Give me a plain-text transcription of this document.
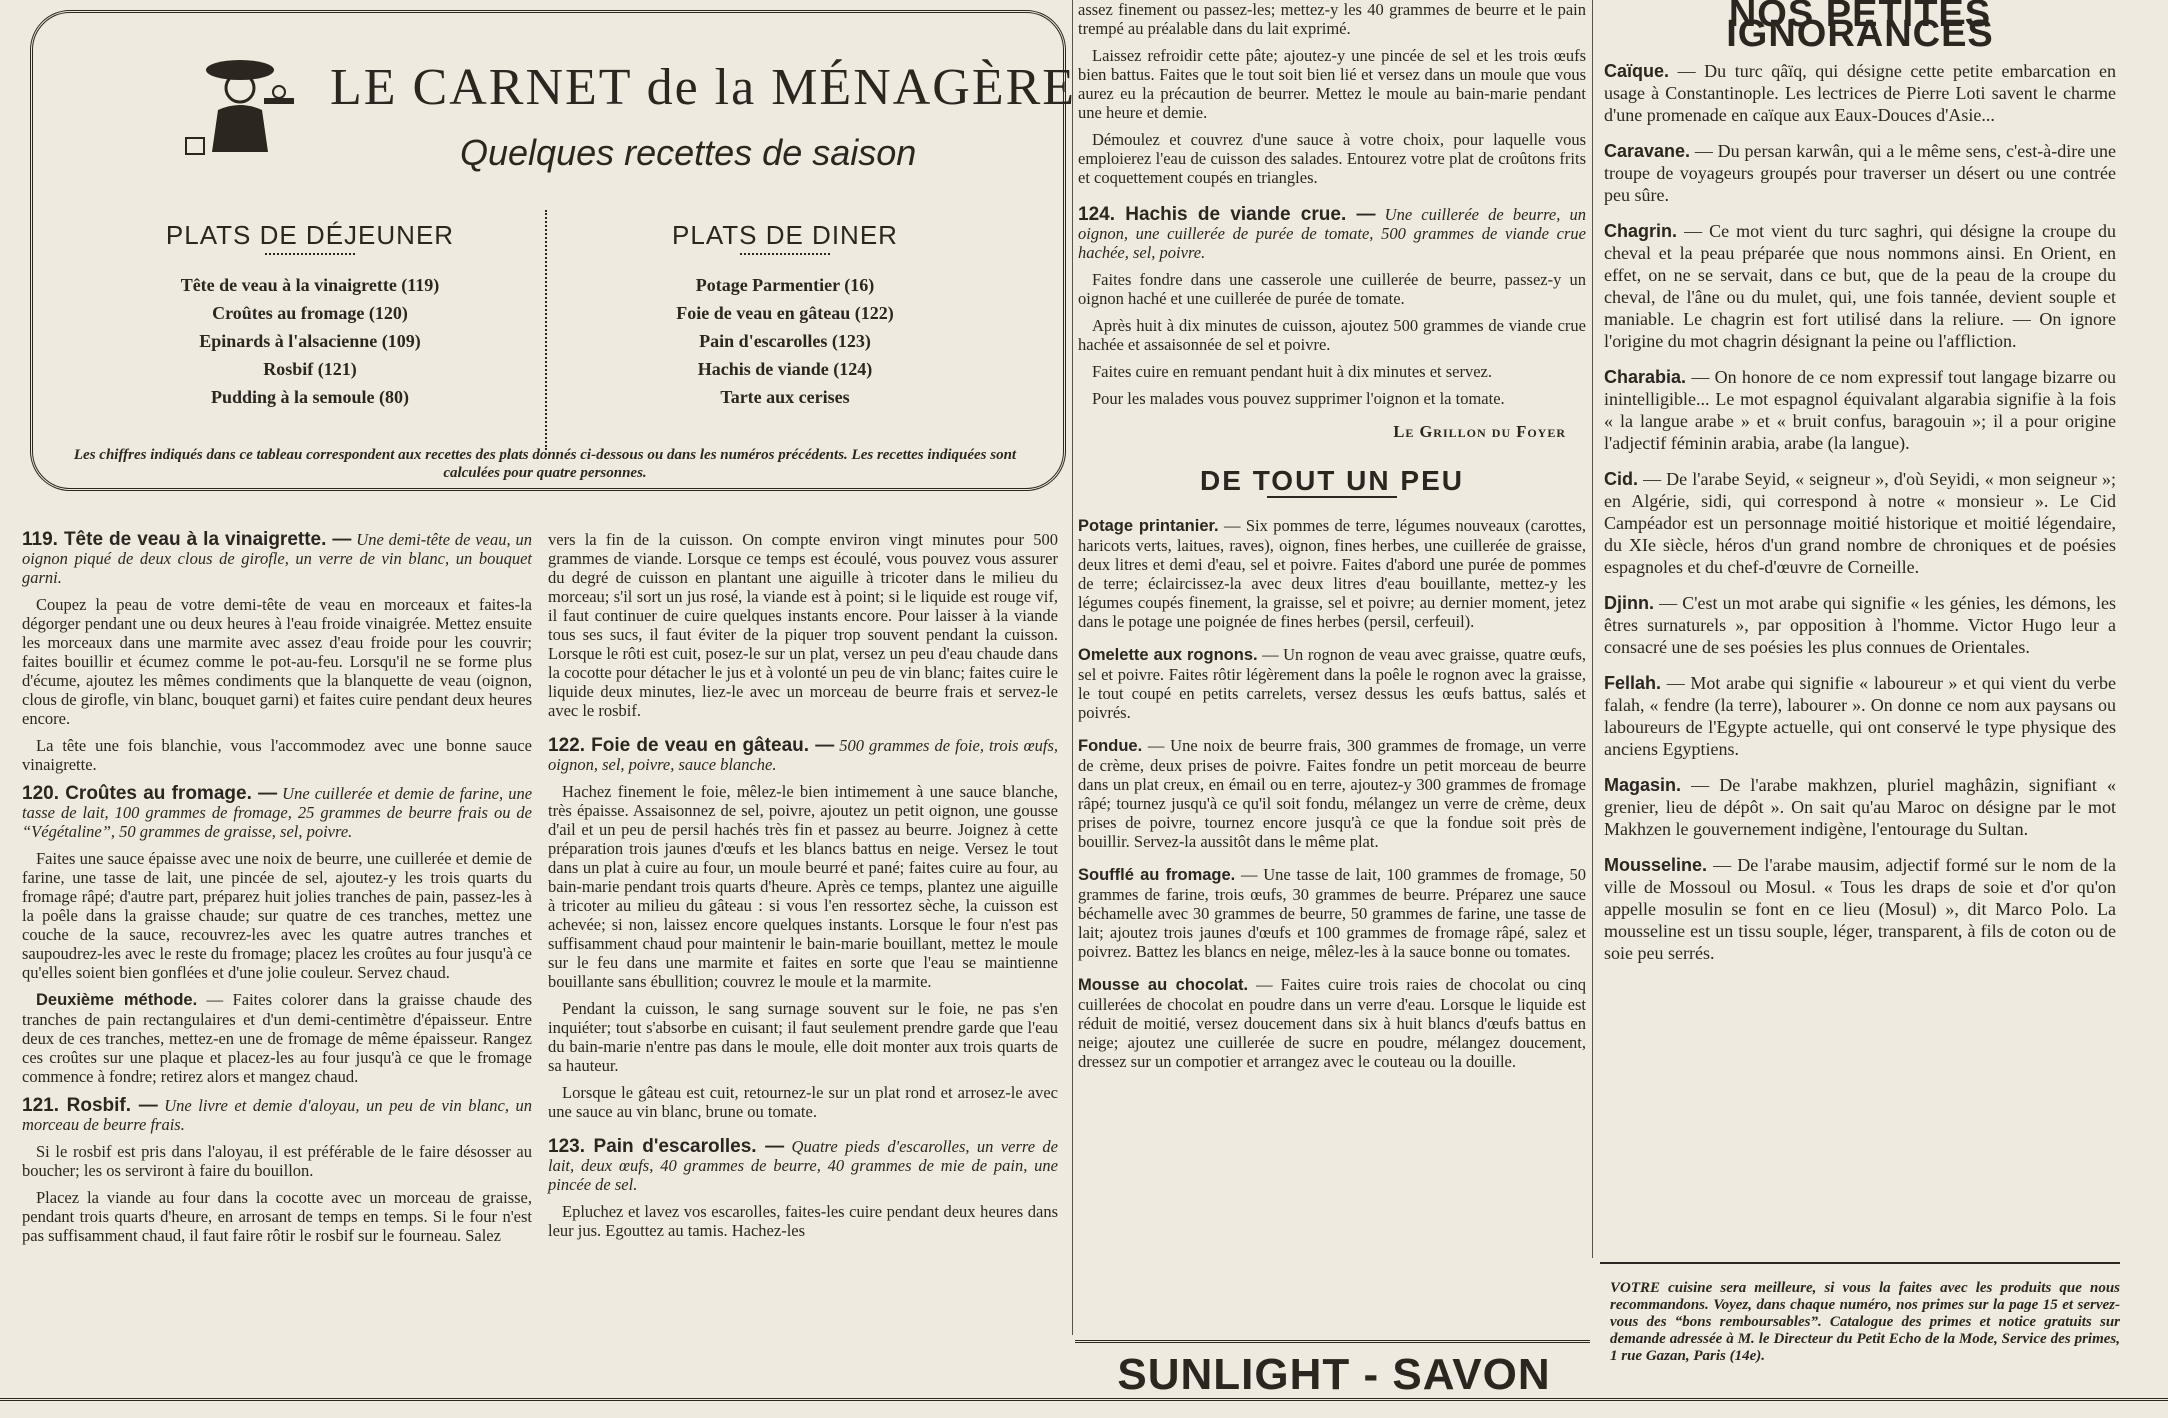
LE CARNET de la MÉNAGÈRE
Quelques recettes de saison
PLATS DE DÉJEUNER
Tête de veau à la vinaigrette (119)
Croûtes au fromage (120)
Epinards à l'alsacienne (109)
Rosbif (121)
Pudding à la semoule (80)
PLATS DE DINER
Potage Parmentier (16)
Foie de veau en gâteau (122)
Pain d'escarolles (123)
Hachis de viande (124)
Tarte aux cerises
Les chiffres indiqués dans ce tableau correspondent aux recettes des plats donnés ci-dessous ou dans les numéros précédents. Les recettes indiquées sont calculées pour quatre personnes.

119. Tête de veau à la vinaigrette. — Une demi-tête de veau, un oignon piqué de deux clous de girofle, un verre de vin blanc, un bouquet garni.

Coupez la peau de votre demi-tête de veau en morceaux et faites-la dégorger pendant une ou deux heures à l'eau froide vinaigrée. Mettez ensuite les morceaux dans une marmite avec assez d'eau froide pour les couvrir; faites bouillir et écumez comme le pot-au-feu. Lorsqu'il ne se forme plus d'écume, ajoutez les mêmes condiments que la blanquette de veau (oignon, clous de girofle, vin blanc, bouquet garni) et faites cuire pendant deux heures encore.

La tête une fois blanchie, vous l'accommodez avec une bonne sauce vinaigrette.

120. Croûtes au fromage. — Une cuillerée et demie de farine, une tasse de lait, 100 grammes de fromage, 25 grammes de beurre frais ou de “Végétaline”, 50 grammes de graisse, sel, poivre.

Faites une sauce épaisse avec une noix de beurre, une cuillerée et demie de farine, une tasse de lait, une pincée de sel, ajoutez-y les trois quarts du fromage râpé; d'autre part, préparez huit jolies tranches de pain, passez-les à la poêle dans la graisse chaude; sur quatre de ces tranches, mettez une couche de la sauce, recouvrez-les avec les quatre autres tranches et saupoudrez-les avec le reste du fromage; placez les croûtes au four jusqu'à ce qu'elles soient bien gonflées et d'une jolie couleur. Servez chaud.

Deuxième méthode. — Faites colorer dans la graisse chaude des tranches de pain rectangulaires et d'un demi-centimètre d'épaisseur. Entre deux de ces tranches, mettez-en une de fromage de même épaisseur. Rangez ces croûtes sur une plaque et placez-les au four jusqu'à ce que le fromage commence à fondre; retirez alors et mangez chaud.

121. Rosbif. — Une livre et demie d'aloyau, un peu de vin blanc, un morceau de beurre frais.

Si le rosbif est pris dans l'aloyau, il est préférable de le faire désosser au boucher; les os serviront à faire du bouillon.

Placez la viande au four dans la cocotte avec un morceau de graisse, pendant trois quarts d'heure, en arrosant de temps en temps. Si le four n'est pas suffisamment chaud, il faut faire rôtir le rosbif sur le fourneau. Salez

vers la fin de la cuisson. On compte environ vingt minutes pour 500 grammes de viande. Lorsque ce temps est écoulé, vous pouvez vous assurer du degré de cuisson en plantant une aiguille à tricoter dans le milieu du morceau; s'il sort un jus rosé, la viande est à point; si le liquide est rouge vif, il faut continuer de cuire quelques instants encore. Pour laisser à la viande tous ses sucs, il faut éviter de la piquer trop souvent pendant la cuisson. Lorsque le rôti est cuit, posez-le sur un plat, versez un peu d'eau chaude dans la cocotte pour détacher le jus et à volonté un peu de vin blanc; faites cuire le liquide deux minutes, liez-le avec un morceau de beurre frais et servez-le avec le rosbif.

122. Foie de veau en gâteau. — 500 grammes de foie, trois œufs, oignon, sel, poivre, sauce blanche.

Hachez finement le foie, mêlez-le bien intimement à une sauce blanche, très épaisse. Assaisonnez de sel, poivre, ajoutez un petit oignon, une gousse d'ail et un peu de persil hachés très fin et passez au beurre. Joignez à cette préparation trois jaunes d'œufs et les blancs battus en neige. Versez le tout dans un plat à cuire au four, un moule beurré et pané; faites cuire au four, au bain-marie pendant trois quarts d'heure. Après ce temps, plantez une aiguille à tricoter au milieu du gâteau : si vous l'en ressortez sèche, la cuisson est achevée; si non, laissez encore quelques instants. Lorsque le four n'est pas suffisamment chaud pour maintenir le bain-marie bouillant, mettez le moule sur le feu dans une marmite et faites en sorte que l'eau se maintienne bouillante sans ébullition; couvrez le moule et la marmite.

Pendant la cuisson, le sang surnage souvent sur le foie, ne pas s'en inquiéter; tout s'absorbe en cuisant; il faut seulement prendre garde que l'eau du bain-marie n'entre pas dans le moule, elle doit monter aux trois quarts de sa hauteur.

Lorsque le gâteau est cuit, retournez-le sur un plat rond et arrosez-le avec une sauce au vin blanc, brune ou tomate.

123. Pain d'escarolles. — Quatre pieds d'escarolles, un verre de lait, deux œufs, 40 grammes de beurre, 40 grammes de mie de pain, une pincée de sel.

Epluchez et lavez vos escarolles, faites-les cuire pendant deux heures dans leur jus. Egouttez au tamis. Hachez-les

assez finement ou passez-les; mettez-y les 40 grammes de beurre et le pain trempé au préalable dans du lait exprimé.

Laissez refroidir cette pâte; ajoutez-y une pincée de sel et les trois œufs bien battus. Faites que le tout soit bien lié et versez dans un moule que vous aurez eu la précaution de beurrer. Mettez le moule au bain-marie pendant une heure et demie.

Démoulez et couvrez d'une sauce à votre choix, pour laquelle vous emploierez l'eau de cuisson des salades. Entourez votre plat de croûtons frits et coquettement coupés en triangles.

124. Hachis de viande crue. — Une cuillerée de beurre, un oignon, une cuillerée de purée de tomate, 500 grammes de viande crue hachée, sel, poivre.

Faites fondre dans une casserole une cuillerée de beurre, passez-y un oignon haché et une cuillerée de purée de tomate.

Après huit à dix minutes de cuisson, ajoutez 500 grammes de viande crue hachée et assaisonnée de sel et poivre.

Faites cuire en remuant pendant huit à dix minutes et servez.

Pour les malades vous pouvez supprimer l'oignon et la tomate.

Le Grillon du Foyer
DE TOUT UN PEU

Potage printanier. — Six pommes de terre, légumes nouveaux (carottes, haricots verts, laitues, raves), oignon, fines herbes, une cuillerée de graisse, deux litres et demi d'eau, sel et poivre. Faites d'abord une purée de pommes de terre; éclaircissez-la avec deux litres d'eau bouillante, mettez-y les légumes coupés finement, la graisse, sel et poivre; au dernier moment, jetez dans le potage une poignée de fines herbes (persil, cerfeuil).

Omelette aux rognons. — Un rognon de veau avec graisse, quatre œufs, sel et poivre. Faites rôtir légèrement dans la poêle le rognon avec la graisse, le tout coupé en petits carrelets, versez dessus les œufs battus, salés et poivrés.

Fondue. — Une noix de beurre frais, 300 grammes de fromage, un verre de crème, deux prises de poivre. Faites fondre un petit morceau de beurre dans un plat creux, en émail ou en terre, ajoutez-y 300 grammes de fromage râpé; tournez jusqu'à ce qu'il soit fondu, mélangez un verre de crème, deux prises de poivre, tournez encore jusqu'à ce que la fondue soit près de bouillir. Servez-la aussitôt dans le même plat.

Soufflé au fromage. — Une tasse de lait, 100 grammes de fromage, 50 grammes de farine, trois œufs, 30 grammes de beurre. Préparez une sauce béchamelle avec 30 grammes de beurre, 50 grammes de farine, une tasse de lait; ajoutez trois jaunes d'œufs et 100 grammes de fromage râpé, salez et poivrez. Battez les blancs en neige, mêlez-les à la sauce bonne ou tomates.

Mousse au chocolat. — Faites cuire trois raies de chocolat ou cinq cuillerées de chocolat en poudre dans un verre d'eau. Lorsque le liquide est réduit de moitié, versez doucement dans six à huit blancs d'œufs battus en neige; ajoutez une cuillerée de sucre en poudre, mélangez doucement, dressez sur un compotier et arrangez avec le couteau ou la douille.

NOS PETITES IGNORANCES

Caïque. — Du turc qâïq, qui désigne cette petite embarcation en usage à Constantinople. Les lectrices de Pierre Loti savent le charme d'une promenade en caïque aux Eaux-Douces d'Asie...

Caravane. — Du persan karwân, qui a le même sens, c'est-à-dire une troupe de voyageurs groupés pour traverser un désert ou une contrée peu sûre.

Chagrin. — Ce mot vient du turc saghri, qui désigne la croupe du cheval et la peau préparée que nous nommons ainsi. En Orient, en effet, on ne se servait, dans ce but, que de la peau de la croupe du cheval, de l'âne ou du mulet, qui, une fois tannée, devient souple et maniable. Le chagrin est fort utilisé dans la reliure. — On ignore l'origine du mot chagrin désignant la peine ou l'affliction.

Charabia. — On honore de ce nom expressif tout langage bizarre ou inintelligible... Le mot espagnol équivalant algarabia signifie à la fois « la langue arabe » et « bruit confus, baragouin »; il a pour origine l'adjectif féminin arabia, arabe (la langue).

Cid. — De l'arabe Seyid, « seigneur », d'où Seyidi, « mon seigneur »; en Algérie, sidi, qui correspond à notre « monsieur ». Le Cid Campéador est un personnage moitié historique et moitié légendaire, du XIe siècle, héros d'un grand nombre de chroniques et de poésies espagnoles et du chef-d'œuvre de Corneille.

Djinn. — C'est un mot arabe qui signifie « les génies, les démons, les êtres surnaturels », par opposition à l'homme. Victor Hugo leur a consacré une de ses poésies les plus connues de Orientales.

Fellah. — Mot arabe qui signifie « laboureur » et qui vient du verbe falah, « fendre (la terre), labourer ». On donne ce nom aux paysans ou laboureurs de l'Egypte actuelle, qui ont conservé le type physique des anciens Egyptiens.

Magasin. — De l'arabe makhzen, pluriel maghâzin, signifiant « grenier, lieu de dépôt ». On sait qu'au Maroc on désigne par le mot Makhzen le gouvernement indigène, l'entourage du Sultan.

Mousseline. — De l'arabe mausim, adjectif formé sur le nom de la ville de Mossoul ou Mosul. « Tous les draps de soie et d'or qu'on appelle mosulin se font en ce lieu (Mosul) », dit Marco Polo. La mousseline est un tissu souple, léger, transparent, à fils de coton ou de soie peu serrés.

SUNLIGHT - SAVON
VOTRE cuisine sera meilleure, si vous la faites avec les produits que nous recommandons. Voyez, dans chaque numéro, nos primes sur la page 15 et servez-vous des “bons remboursables”. Catalogue des primes et notice gratuits sur demande adressée à M. le Directeur du Petit Echo de la Mode, Service des primes, 1 rue Gazan, Paris (14e).
